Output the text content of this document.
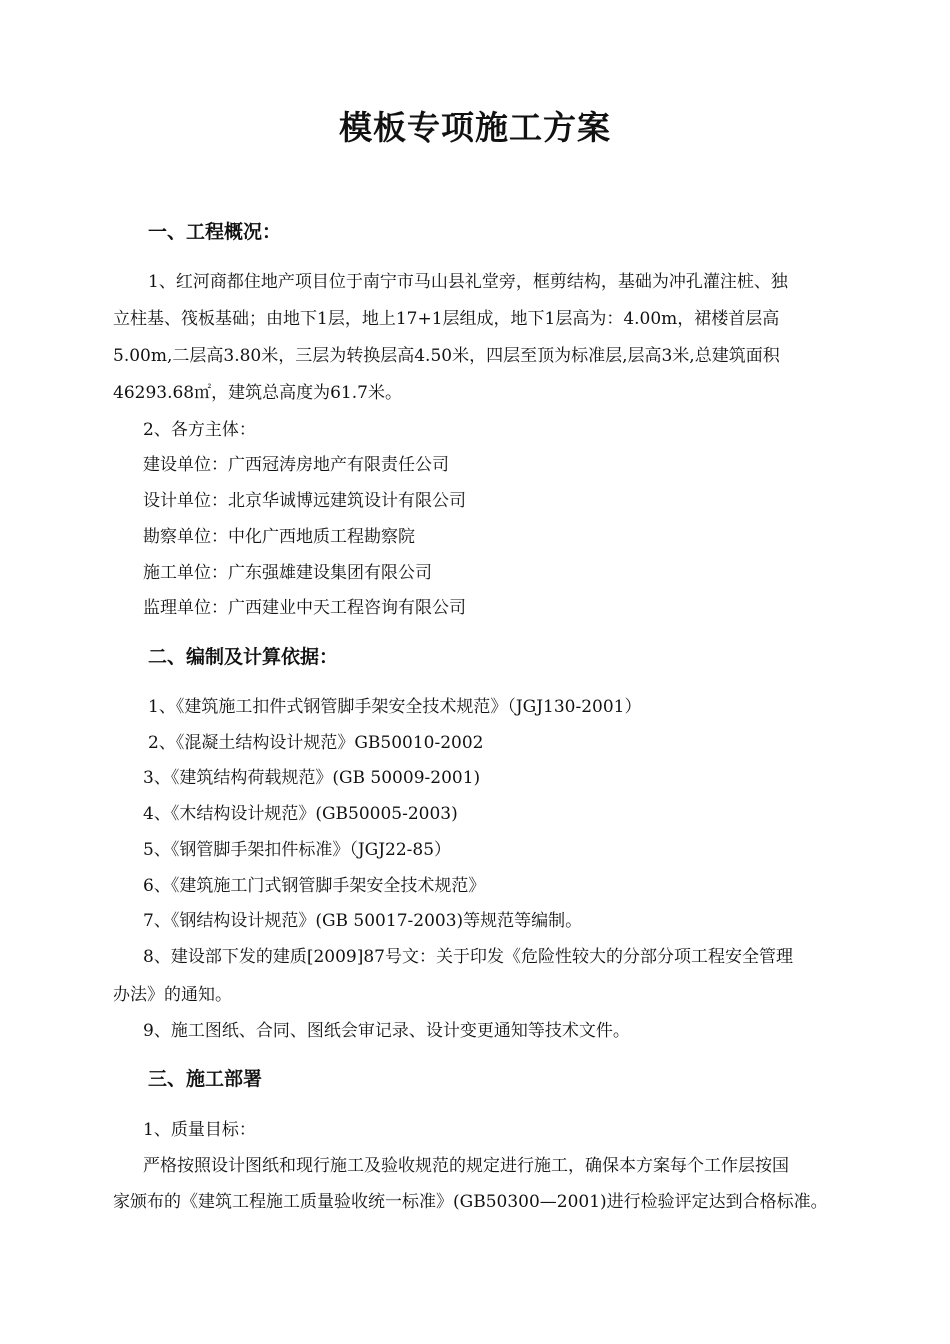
模板专项施工方案
一、工程概况：
1、红河商都住地产项目位于南宁市马山县礼堂旁，框剪结构，基础为冲孔灌注桩、独
立柱基、筏板基础；由地下1层，地上17+1层组成，地下1层高为：4.00m，裙楼首层高
5.00m,二层高3.80米，三层为转换层高4.50米，四层至顶为标准层,层高3米,总建筑面积
46293.68㎡，建筑总高度为61.7米。
2、各方主体：
建设单位：广西冠涛房地产有限责任公司
设计单位：北京华诚博远建筑设计有限公司
勘察单位：中化广西地质工程勘察院
施工单位：广东强雄建设集团有限公司
监理单位：广西建业中天工程咨询有限公司
二、编制及计算依据：
1、《建筑施工扣件式钢管脚手架安全技术规范》（JGJ130-2001）
2、《混凝土结构设计规范》GB50010-2002
3、《建筑结构荷载规范》(GB 50009-2001)
4、《木结构设计规范》(GB50005-2003)
5、《钢管脚手架扣件标准》（JGJ22-85）
6、《建筑施工门式钢管脚手架安全技术规范》
7、《钢结构设计规范》(GB 50017-2003)等规范等编制。
8、建设部下发的建质[2009]87号文：关于印发《危险性较大的分部分项工程安全管理
办法》的通知。
9、施工图纸、合同、图纸会审记录、设计变更通知等技术文件。
三、施工部署
1、质量目标：
严格按照设计图纸和现行施工及验收规范的规定进行施工，确保本方案每个工作层按国
家颁布的《建筑工程施工质量验收统一标准》(GB50300—2001)进行检验评定达到合格标准。
